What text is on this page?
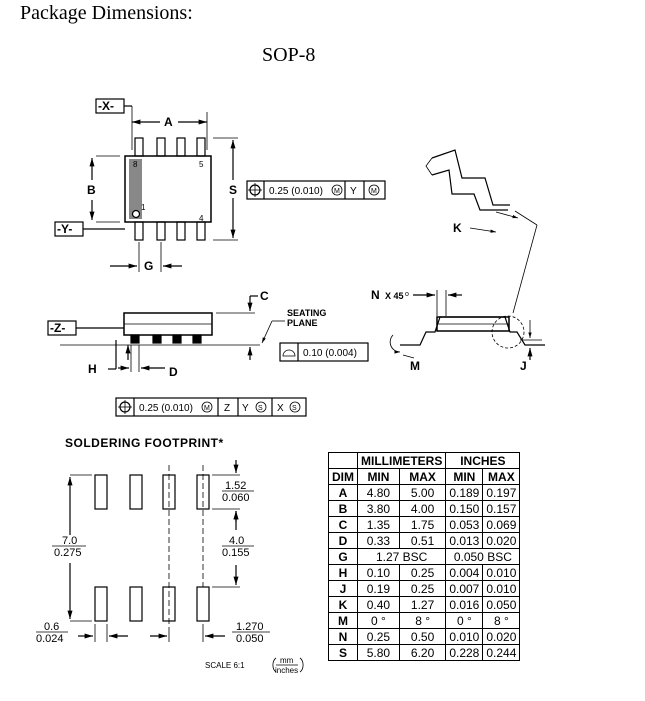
Package Dimensions:
SOP-8
-X-
A
B	S
-Y-
G
8	5
1
4
0.25 (0.010) M Y M
-Z-
C
SEATING
PLANE
0.10 (0.004)
H	D
0.25 (0.010) M Z Y S X S
K
N X 45 o
M	J
1.52
0.060
7.0
0.275
4.0
0.155
0.6
0.024
1.270
0.050
SCALE 6:1
mm
inches
SOLDERING FOOTPRINT*
	MILLIMETERS		INCHES	
DIM	MIN	MAX	MIN	MAX
A	4.80	5.00	0.189	0.197
B	3.80	4.00	0.150	0.157
C	1.35	1.75	0.053	0.069
D	0.33	0.51	0.013	0.020
G	1.27 BSC		0.050 BSC	
H	0.10	0.25	0.004	0.010
J	0.19	0.25	0.007	0.010
K	0.40	1.27	0.016	0.050
M	0 °	8 °	0 °	8 °
N	0.25	0.50	0.010	0.020
S	5.80	6.20	0.228	0.244
